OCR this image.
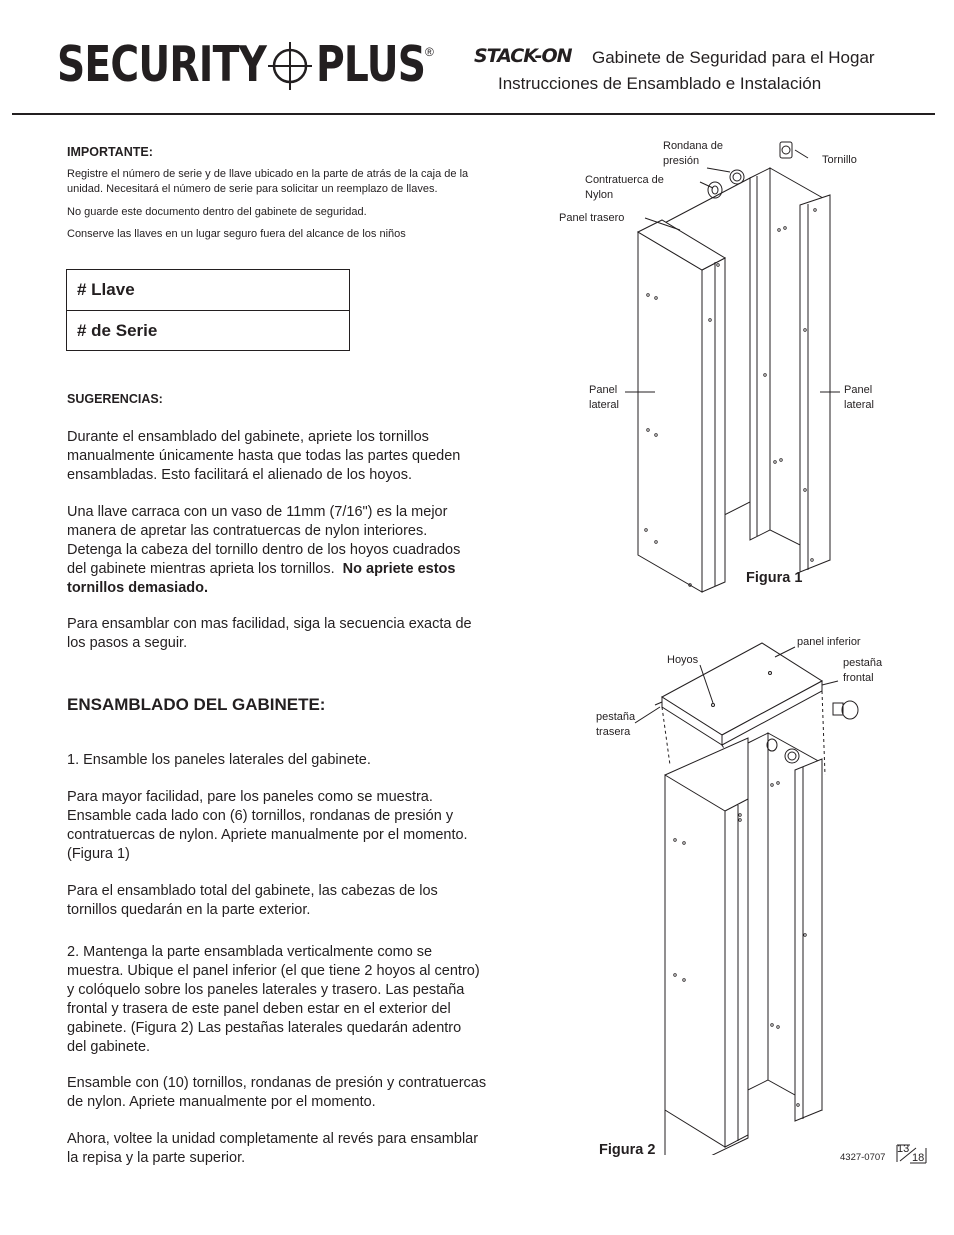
SECURITY PLUS ® STACK-ON Gabinete de Seguridad para el Hogar
Instrucciones de Ensamblado e Instalación
IMPORTANTE:
Registre el número de serie y de llave ubicado en la parte de atrás de la caja de la
unidad. Necesitará el número de serie para solicitar un reemplazo de llaves.
No guarde este documento dentro del gabinete de seguridad.
Conserve las llaves en un lugar seguro fuera del alcance de los niños
# Llave
# de Serie
SUGERENCIAS:
Durante el ensamblado del gabinete, apriete los tornillos
manualmente únicamente hasta que todas las partes queden
ensambladas. Esto facilitará el alienado de los hoyos.
Una llave carraca con un vaso de 11mm (7/16") es la mejor
manera de apretar las contratuercas de nylon interiores.
Detenga la cabeza del tornillo dentro de los hoyos cuadrados
del gabinete mientras aprieta los tornillos.  No apriete estos
tornillos demasiado.
Para ensamblar con mas facilidad, siga la secuencia exacta de
los pasos a seguir.
ENSAMBLADO DEL GABINETE:
1. Ensamble los paneles laterales del gabinete.
Para mayor facilidad, pare los paneles como se muestra.
Ensamble cada lado con (6) tornillos, rondanas de presión y
contratuercas de nylon. Apriete manualmente por el momento.
(Figura 1)
Para el ensamblado total del gabinete, las cabezas de los
tornillos quedarán en la parte exterior.
2. Mantenga la parte ensamblada verticalmente como se
muestra. Ubique el panel inferior (el que tiene 2 hoyos al centro)
y colóquelo sobre los paneles laterales y trasero. Las pestaña
frontal y trasera de este panel deben estar en el exterior del
gabinete. (Figura 2) Las pestañas laterales quedarán adentro
del gabinete.
Ensamble con (10) tornillos, rondanas de presión y contratuercas
de nylon. Apriete manualmente por el momento.
Ahora, voltee la unidad completamente al revés para ensamblar
la repisa y la parte superior.
Rondana de
presión	Tornillo
Contratuerca de
Nylon
Panel trasero
Panel
lateral
Panel
lateral
Figura 1
panel inferior
Hoyos	pestaña
frontal
pestaña
trasera
Figura 2	4327-0707
13
18
